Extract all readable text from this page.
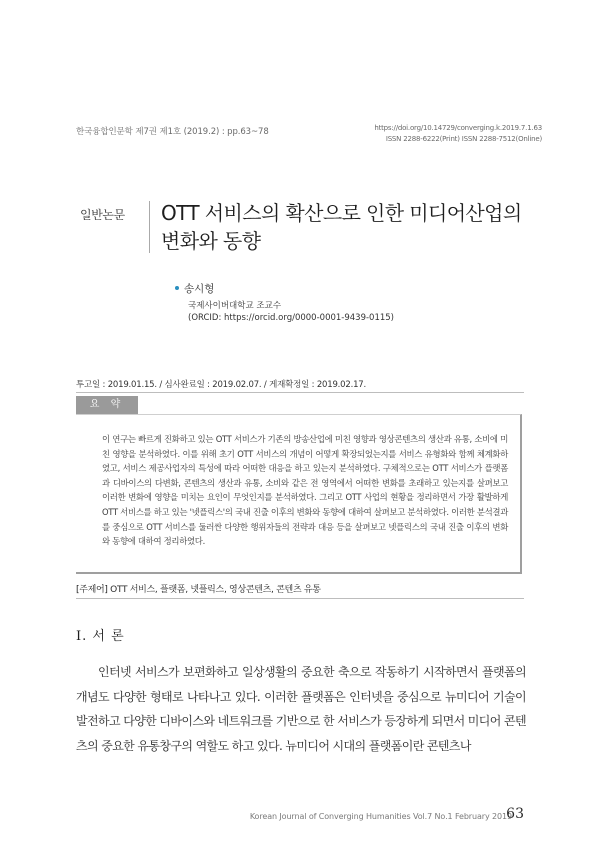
한국융합인문학 제7권 제1호 (2019.2) : pp.63~78	https://doi.org/10.14729/converging.k.2019.7.1.63
ISSN 2288-6222(Print) ISSN 2288-7512(Online)
일반논문 OTT 서비스의 확산으로 인한 미디어산업의
변화와 동향
송시형
국제사이버대학교 조교수
(ORCID: https://orcid.org/0000-0001-9439-0115)
투고일 : 2019.01.15. / 심사완료일 : 2019.02.07. / 게재확정일 : 2019.02.17.
요 약

이 연구는 빠르게 진화하고 있는 OTT 서비스가 기존의 방송산업에 미친 영향과 영상콘텐츠의 생산과 유통, 소비에 미친 영향을 분석하였다. 이를 위해 초기 OTT 서비스의 개념이 어떻게 확장되었는지를 서비스 유형화와 함께 체계화하였고, 서비스 제공사업자의 특성에 따라 어떠한 대응을 하고 있는지 분석하였다. 구체적으로는 OTT 서비스가 플랫폼과 디바이스의 다변화, 콘텐츠의 생산과 유통, 소비와 같은 전 영역에서 어떠한 변화를 초래하고 있는지를 살펴보고 이러한 변화에 영향을 미치는 요인이 무엇인지를 분석하였다. 그리고 OTT 사업의 현황을 정리하면서 가장 활발하게 OTT 서비스를 하고 있는 '넷플릭스'의 국내 진출 이후의 변화와 동향에 대하여 살펴보고 분석하였다. 이러한 분석결과를 중심으로 OTT 서비스를 둘러싼 다양한 행위자들의 전략과 대응 등을 살펴보고 넷플릭스의 국내 진출 이후의 변화와 동향에 대하여 정리하였다.

[주제어] OTT 서비스, 플랫폼, 넷플릭스, 영상콘텐츠, 콘텐츠 유통
I. 서 론

인터넷 서비스가 보편화하고 일상생활의 중요한 축으로 작동하기 시작하면서 플랫폼의 개념도 다양한 형태로 나타나고 있다. 이러한 플랫폼은 인터넷을 중심으로 뉴미디어 기술이 발전하고 다양한 디바이스와 네트워크를 기반으로 한 서비스가 등장하게 되면서 미디어 콘텐츠의 중요한 유통창구의 역할도 하고 있다. 뉴미디어 시대의 플랫폼이란 콘텐츠나

Korean Journal of Converging Humanities Vol.7 No.1 February 2019
63
